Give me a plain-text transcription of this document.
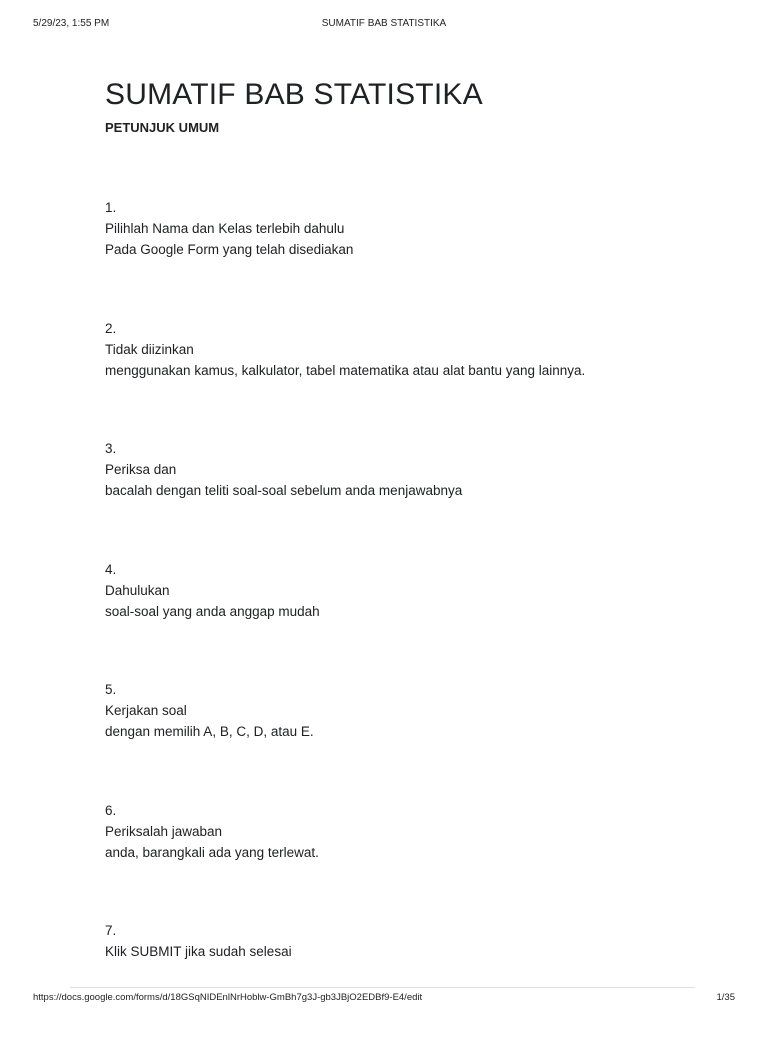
5/29/23, 1:55 PM	SUMATIF BAB STATISTIKA
SUMATIF BAB STATISTIKA
PETUNJUK UMUM
1.
Pilihlah Nama dan Kelas terlebih dahulu
Pada Google Form yang telah disediakan
2.
Tidak diizinkan
menggunakan kamus, kalkulator, tabel matematika atau alat bantu yang lainnya.
3.
Periksa dan
bacalah dengan teliti soal-soal sebelum anda menjawabnya
4.
Dahulukan
soal-soal yang anda anggap mudah
5.
Kerjakan soal
dengan memilih A, B, C, D, atau E.
6.
Periksalah jawaban
anda, barangkali ada yang terlewat.
7.
Klik SUBMIT jika sudah selesai
https://docs.google.com/forms/d/18GSqNIDEnlNrHoblw-GmBh7g3J-gb3JBjO2EDBf9-E4/edit	1/35
